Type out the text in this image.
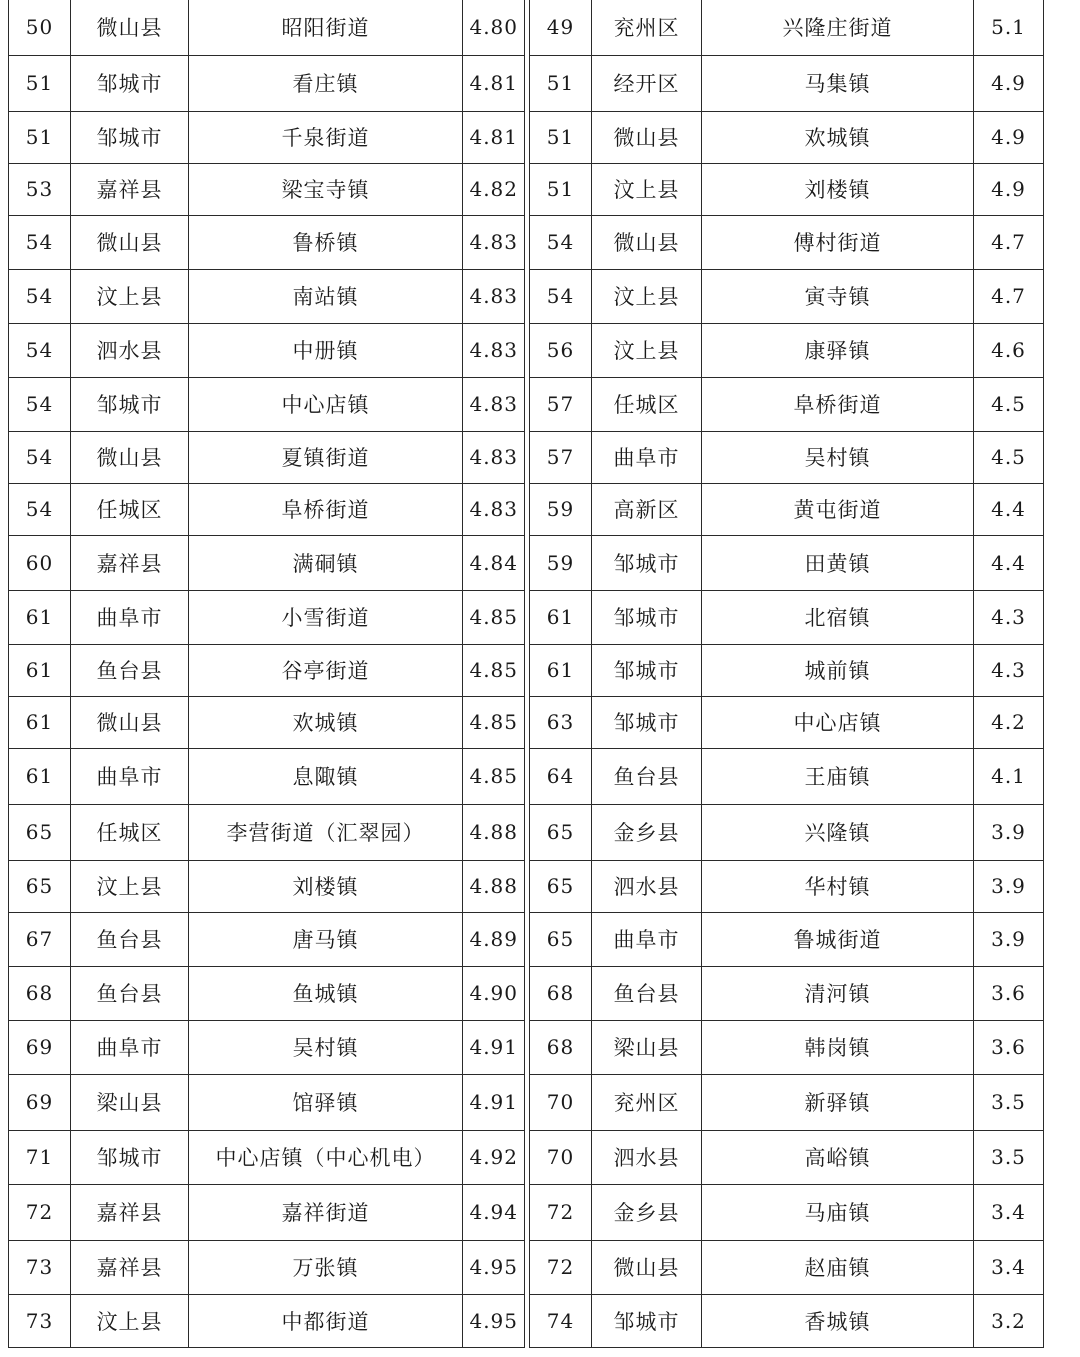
50	微山县	昭阳街道	4.80
51	邹城市	看庄镇	4.81
51	邹城市	千泉街道	4.81
53	嘉祥县	梁宝寺镇	4.82
54	微山县	鲁桥镇	4.83
54	汶上县	南站镇	4.83
54	泗水县	中册镇	4.83
54	邹城市	中心店镇	4.83
54	微山县	夏镇街道	4.83
54	任城区	阜桥街道	4.83
60	嘉祥县	满硐镇	4.84
61	曲阜市	小雪街道	4.85
61	鱼台县	谷亭街道	4.85
61	微山县	欢城镇	4.85
61	曲阜市	息陬镇	4.85
65	任城区	李营街道（汇翠园）	4.88
65	汶上县	刘楼镇	4.88
67	鱼台县	唐马镇	4.89
68	鱼台县	鱼城镇	4.90
69	曲阜市	吴村镇	4.91
69	梁山县	馆驿镇	4.91
71	邹城市	中心店镇（中心机电）	4.92
72	嘉祥县	嘉祥街道	4.94
73	嘉祥县	万张镇	4.95
73	汶上县	中都街道	4.95
49	兖州区	兴隆庄街道	5.1
51	经开区	马集镇	4.9
51	微山县	欢城镇	4.9
51	汶上县	刘楼镇	4.9
54	微山县	傅村街道	4.7
54	汶上县	寅寺镇	4.7
56	汶上县	康驿镇	4.6
57	任城区	阜桥街道	4.5
57	曲阜市	吴村镇	4.5
59	高新区	黄屯街道	4.4
59	邹城市	田黄镇	4.4
61	邹城市	北宿镇	4.3
61	邹城市	城前镇	4.3
63	邹城市	中心店镇	4.2
64	鱼台县	王庙镇	4.1
65	金乡县	兴隆镇	3.9
65	泗水县	华村镇	3.9
65	曲阜市	鲁城街道	3.9
68	鱼台县	清河镇	3.6
68	梁山县	韩岗镇	3.6
70	兖州区	新驿镇	3.5
70	泗水县	高峪镇	3.5
72	金乡县	马庙镇	3.4
72	微山县	赵庙镇	3.4
74	邹城市	香城镇	3.2
